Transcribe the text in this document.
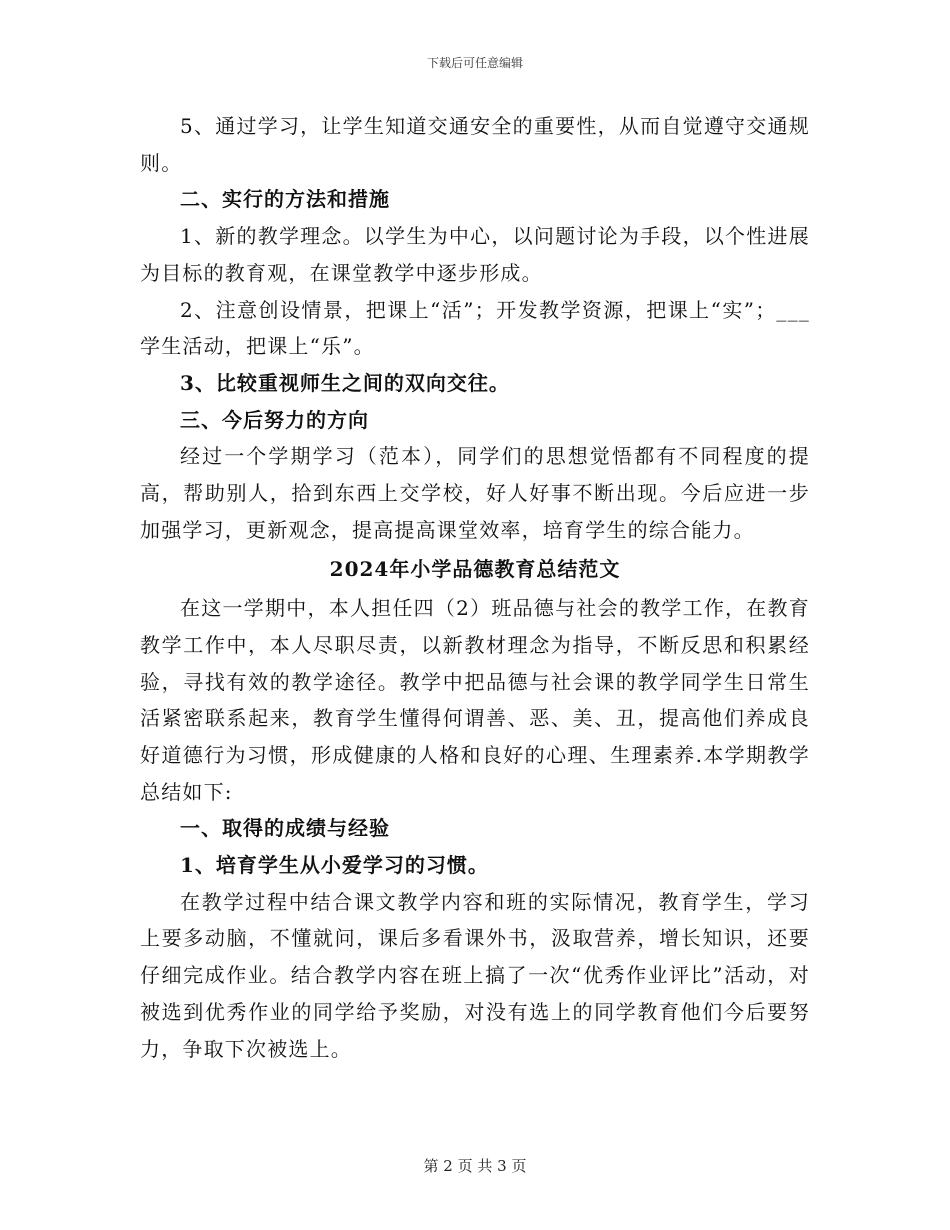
下载后可任意编辑

5、通过学习，让学生知道交通安全的重要性，从而自觉遵守交通规则。

二、实行的方法和措施

1、新的教学理念。以学生为中心，以问题讨论为手段，以个性进展为目标的教育观，在课堂教学中逐步形成。

2、注意创设情景，把课上“活”；开发教学资源，把课上“实”；___学生活动，把课上“乐”。

3、比较重视师生之间的双向交往。

三、今后努力的方向

经过一个学期学习（范本），同学们的思想觉悟都有不同程度的提高，帮助别人，拾到东西上交学校，好人好事不断出现。今后应进一步加强学习，更新观念，提高提高课堂效率，培育学生的综合能力。

2024年小学品德教育总结范文

在这一学期中，本人担任四（2）班品德与社会的教学工作，在教育教学工作中，本人尽职尽责，以新教材理念为指导，不断反思和积累经验，寻找有效的教学途径。教学中把品德与社会课的教学同学生日常生活紧密联系起来，教育学生懂得何谓善、恶、美、丑，提高他们养成良好道德行为习惯，形成健康的人格和良好的心理、生理素养.本学期教学总结如下:

一、取得的成绩与经验

1、培育学生从小爱学习的习惯。

在教学过程中结合课文教学内容和班的实际情况，教育学生，学习上要多动脑，不懂就问，课后多看课外书，汲取营养，增长知识，还要仔细完成作业。结合教学内容在班上搞了一次“优秀作业评比”活动，对被选到优秀作业的同学给予奖励，对没有选上的同学教育他们今后要努力，争取下次被选上。

第 2 页 共 3 页
